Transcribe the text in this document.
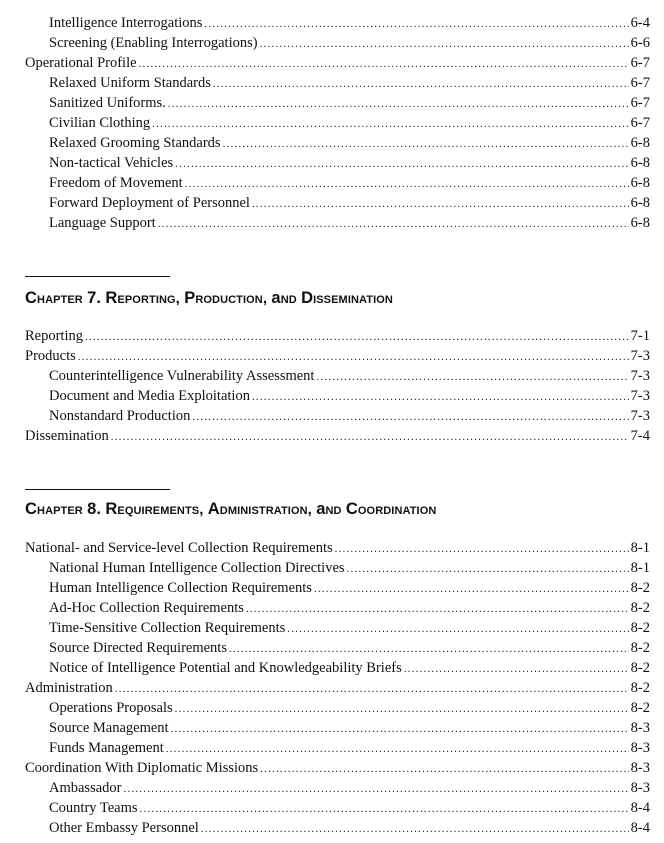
Intelligence Interrogations .....	6-4
Screening (Enabling Interrogations) .....	6-6
Operational Profile .....	6-7
Relaxed Uniform Standards .....	6-7
Sanitized Uniforms. .....	6-7
Civilian Clothing .....	6-7
Relaxed Grooming Standards .....	6-8
Non-tactical Vehicles .....	6-8
Freedom of Movement .....	6-8
Forward Deployment of Personnel .....	6-8
Language Support .....	6-8
Chapter 7. Reporting, Production, and Dissemination
Reporting .....	7-1
Products .....	7-3
Counterintelligence Vulnerability Assessment .....	7-3
Document and Media Exploitation .....	7-3
Nonstandard Production .....	7-3
Dissemination .....	7-4
Chapter 8. Requirements, Administration, and Coordination
National- and Service-level Collection Requirements .....	8-1
National Human Intelligence Collection Directives .....	8-1
Human Intelligence Collection Requirements .....	8-2
Ad-Hoc Collection Requirements .....	8-2
Time-Sensitive Collection Requirements .....	8-2
Source Directed Requirements .....	8-2
Notice of Intelligence Potential and Knowledgeability Briefs .....	8-2
Administration .....	8-2
Operations Proposals .....	8-2
Source Management .....	8-3
Funds Management .....	8-3
Coordination With Diplomatic Missions .....	8-3
Ambassador .....	8-3
Country Teams .....	8-4
Other Embassy Personnel .....	8-4
